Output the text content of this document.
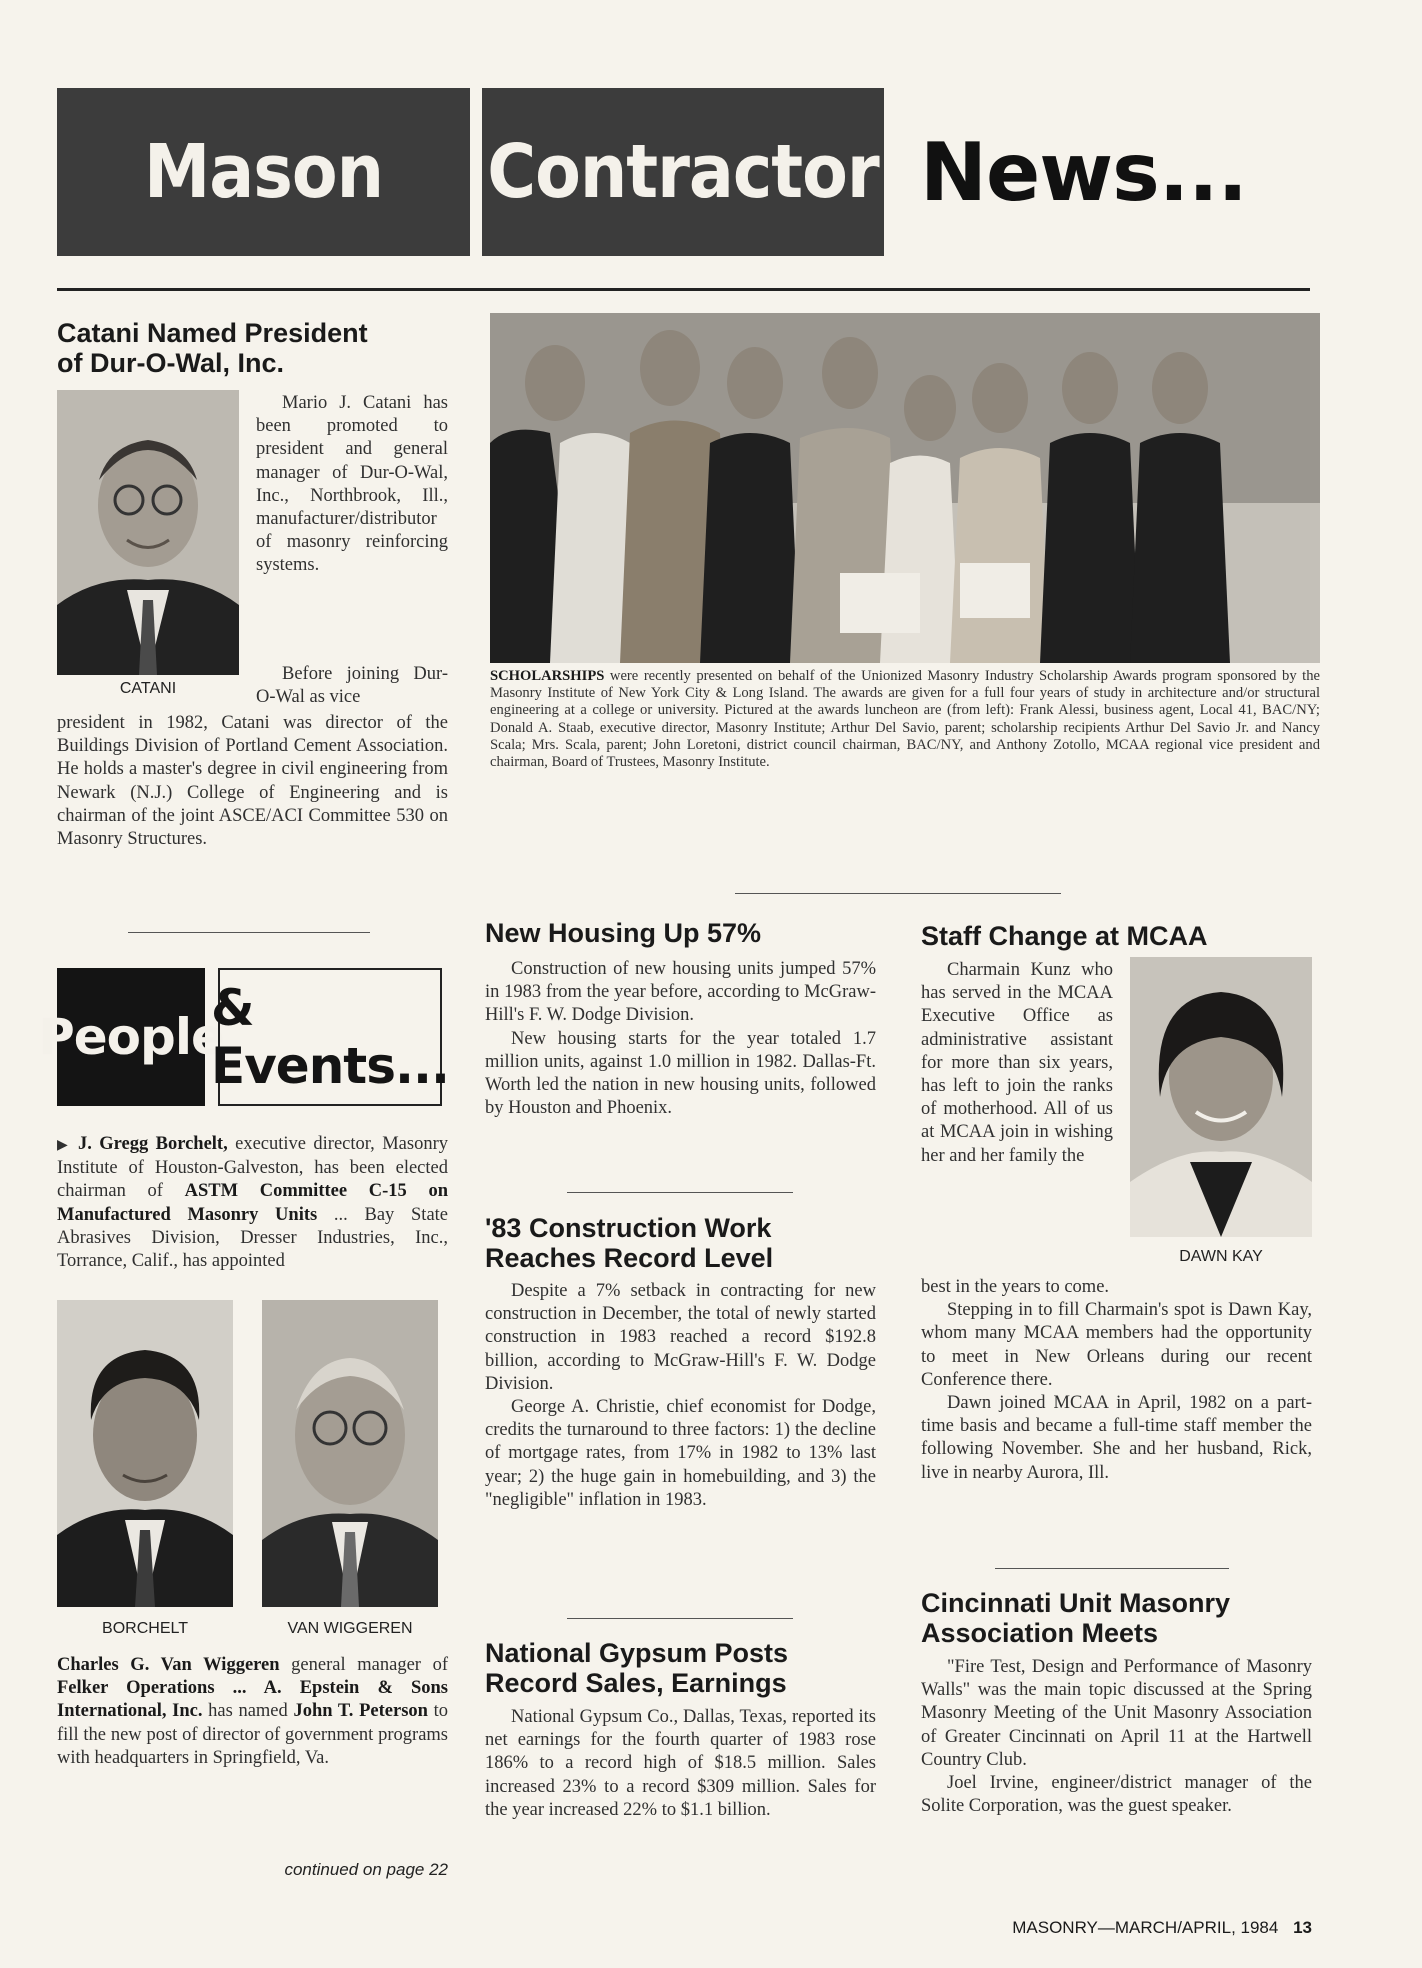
Mason Contractor News...
Catani Named President
of Dur-O-Wal, Inc.
CATANI

Mario J. Catani has been promoted to president and general manager of Dur-O-Wal, Inc., Northbrook, Ill., manufacturer/distributor of masonry reinforcing systems.

Before joining Dur-O-Wal as vice

president in 1982, Catani was director of the Buildings Division of Portland Cement Association. He holds a master's degree in civil engineering from Newark (N.J.) College of Engineering and is chairman of the joint ASCE/ACI Committee 530 on Masonry Structures.

People
& Events...

▶ J. Gregg Borchelt, executive director, Masonry Institute of Houston-Galveston, has been elected chairman of ASTM Committee C-15 on Manufactured Masonry Units ... Bay State Abrasives Division, Dresser Industries, Inc., Torrance, Calif., has appointed

BORCHELT	VAN WIGGEREN

Charles G. Van Wiggeren general manager of Felker Operations ... A. Epstein & Sons International, Inc. has named John T. Peterson to fill the new post of director of government programs with headquarters in Springfield, Va.

continued on page 22
SCHOLARSHIPS were recently presented on behalf of the Unionized Masonry Industry Scholarship Awards program sponsored by the Masonry Institute of New York City & Long Island. The awards are given for a full four years of study in architecture and/or structural engineering at a college or university. Pictured at the awards luncheon are (from left): Frank Alessi, business agent, Local 41, BAC/NY; Donald A. Staab, executive director, Masonry Institute; Arthur Del Savio, parent; scholarship recipients Arthur Del Savio Jr. and Nancy Scala; Mrs. Scala, parent; John Loretoni, district council chairman, BAC/NY, and Anthony Zotollo, MCAA regional vice president and chairman, Board of Trustees, Masonry Institute.
New Housing Up 57%

Construction of new housing units jumped 57% in 1983 from the year before, according to McGraw-Hill's F. W. Dodge Division.

New housing starts for the year totaled 1.7 million units, against 1.0 million in 1982. Dallas-Ft. Worth led the nation in new housing units, followed by Houston and Phoenix.

'83 Construction Work
Reaches Record Level

Despite a 7% setback in contracting for new construction in December, the total of newly started construction in 1983 reached a record $192.8 billion, according to McGraw-Hill's F. W. Dodge Division.

George A. Christie, chief economist for Dodge, credits the turnaround to three factors: 1) the decline of mortgage rates, from 17% in 1982 to 13% last year; 2) the huge gain in homebuilding, and 3) the "negligible" inflation in 1983.

National Gypsum Posts
Record Sales, Earnings

National Gypsum Co., Dallas, Texas, reported its net earnings for the fourth quarter of 1983 rose 186% to a record high of $18.5 million. Sales increased 23% to a record $309 million. Sales for the year increased 22% to $1.1 billion.

Staff Change at MCAA
DAWN KAY

Charmain Kunz who has served in the MCAA Executive Office as administrative assistant for more than six years, has left to join the ranks of motherhood. All of us at MCAA join in wishing her and her family the

best in the years to come.

Stepping in to fill Charmain's spot is Dawn Kay, whom many MCAA members had the opportunity to meet in New Orleans during our recent Conference there.

Dawn joined MCAA in April, 1982 on a part-time basis and became a full-time staff member the following November. She and her husband, Rick, live in nearby Aurora, Ill.

Cincinnati Unit Masonry
Association Meets

"Fire Test, Design and Performance of Masonry Walls" was the main topic discussed at the Spring Masonry Meeting of the Unit Masonry Association of Greater Cincinnati on April 11 at the Hartwell Country Club.

Joel Irvine, engineer/district manager of the Solite Corporation, was the guest speaker.

MASONRY—MARCH/APRIL, 1984 13
